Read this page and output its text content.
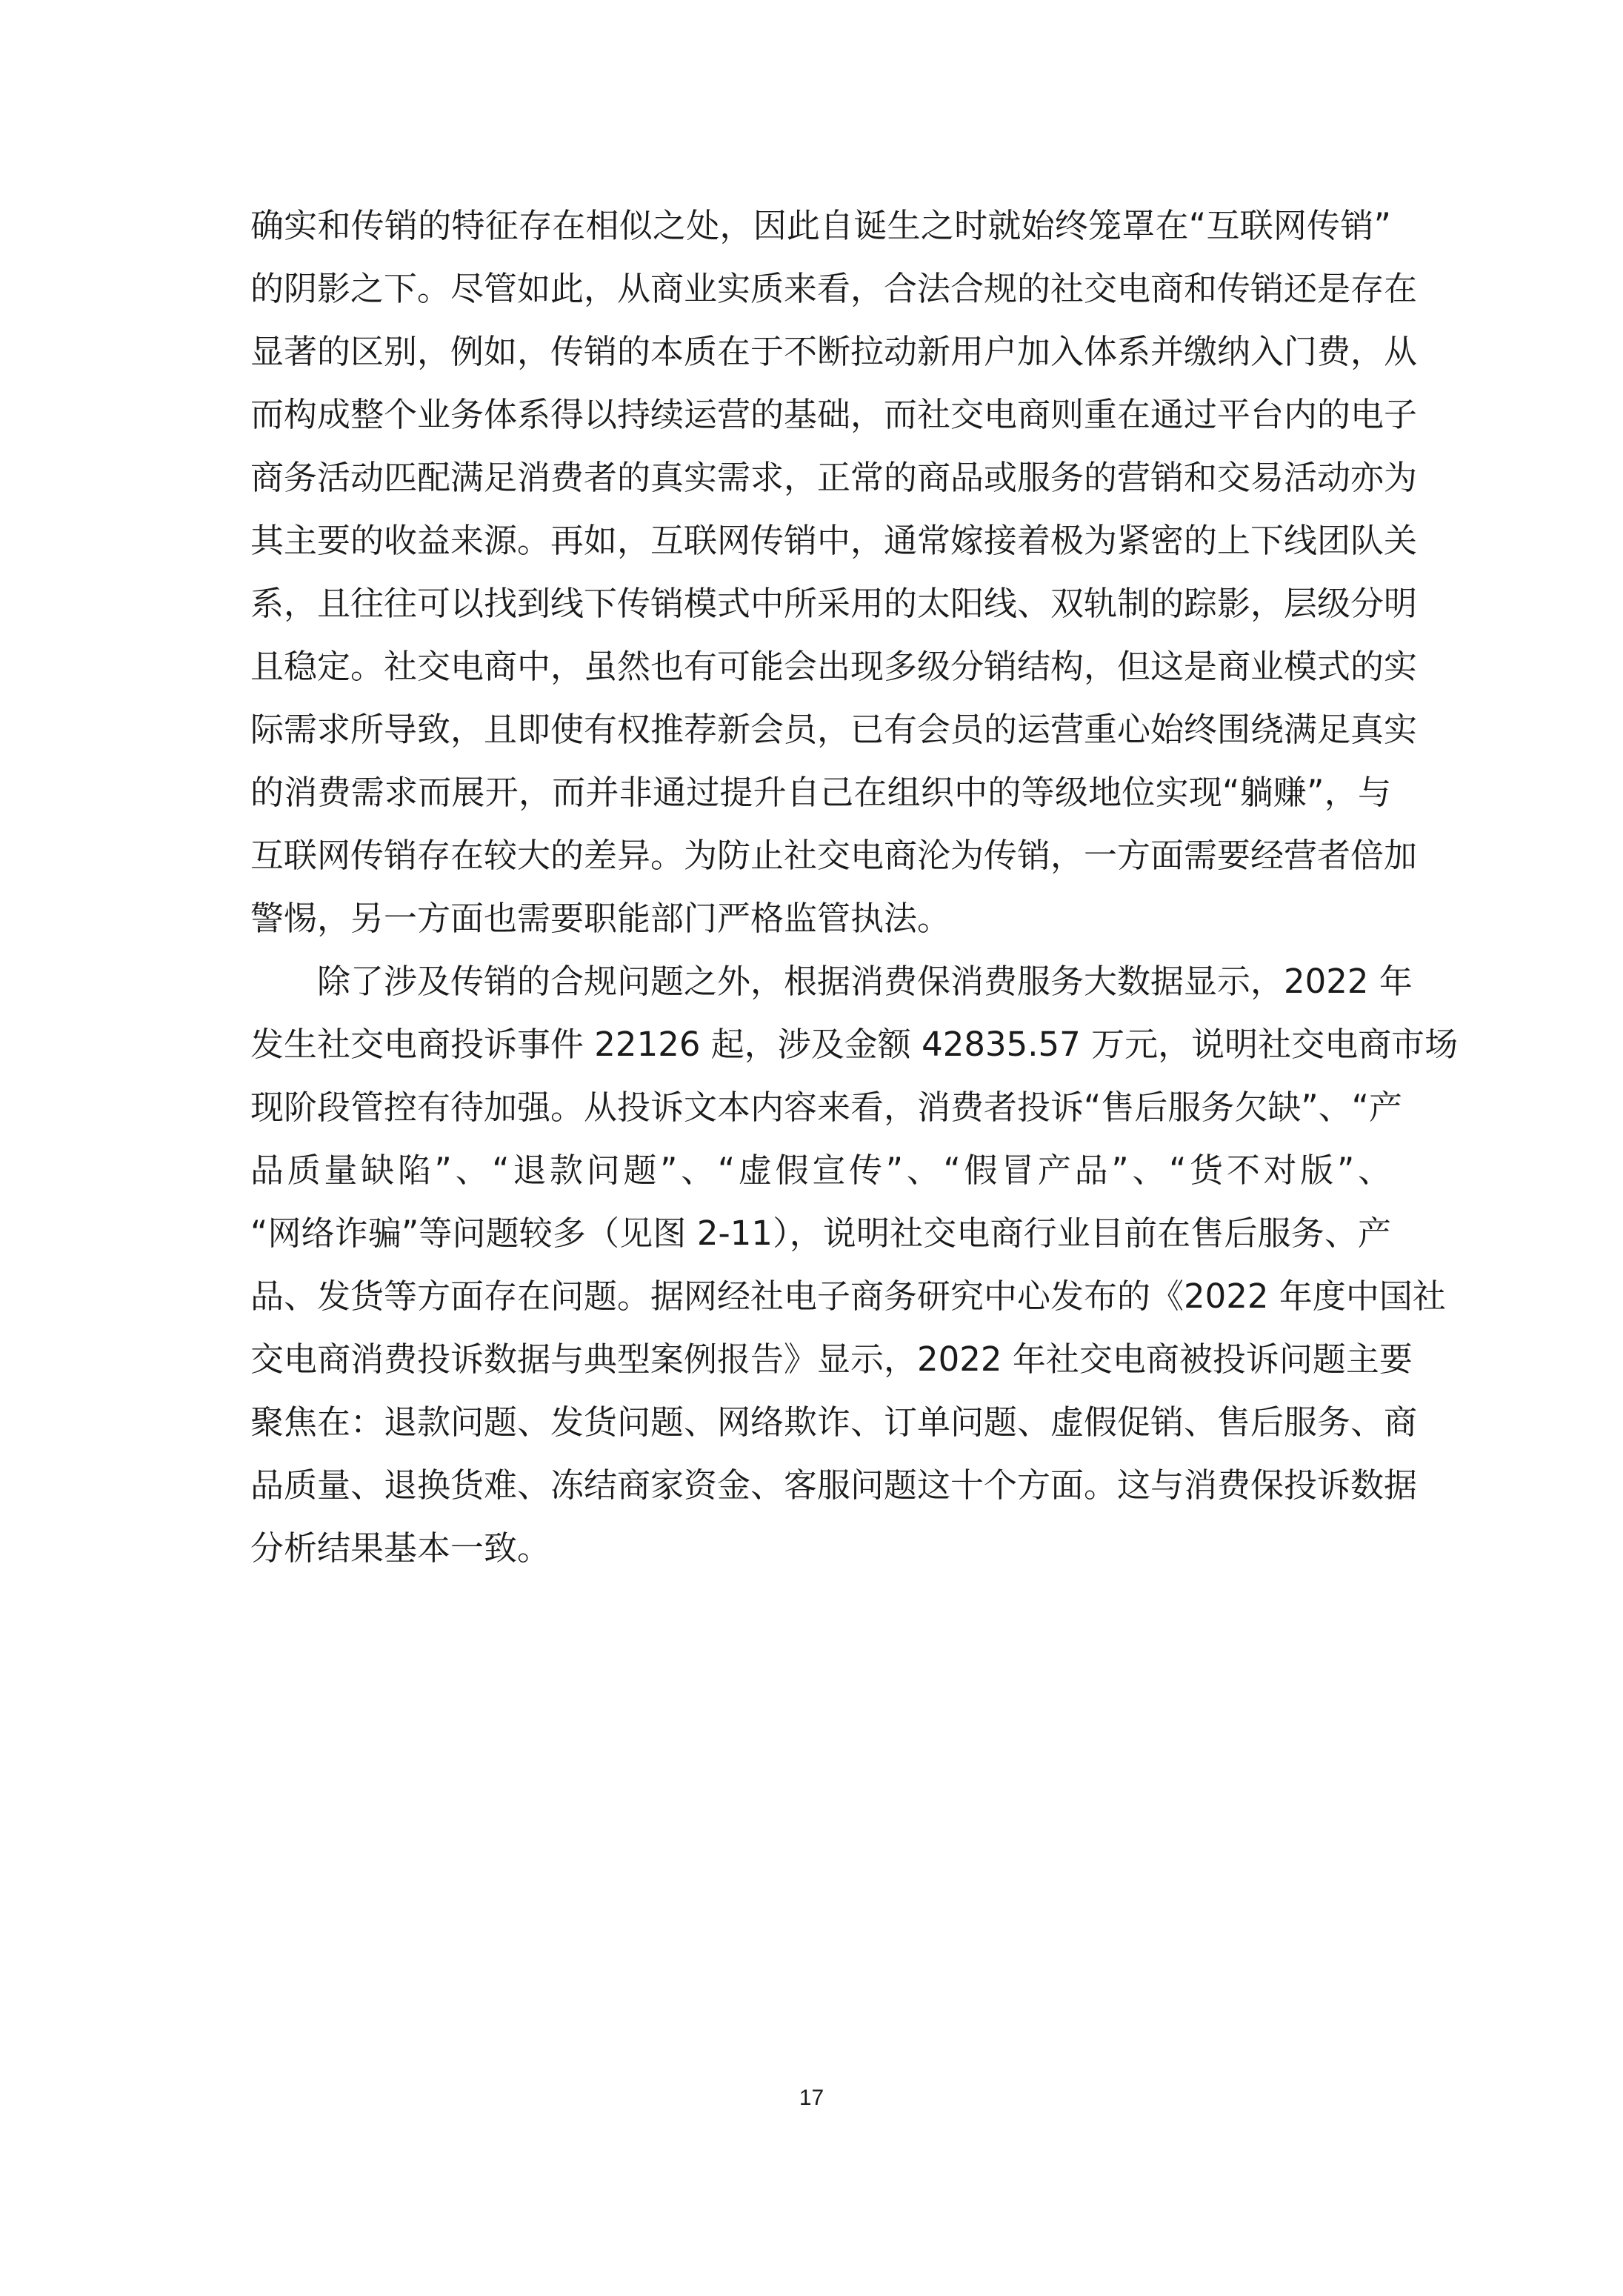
确实和传销的特征存在相似之处，因此自诞生之时就始终笼罩在“互联网传销”
的阴影之下。尽管如此，从商业实质来看，合法合规的社交电商和传销还是存在
显著的区别，例如，传销的本质在于不断拉动新用户加入体系并缴纳入门费，从
而构成整个业务体系得以持续运营的基础，而社交电商则重在通过平台内的电子
商务活动匹配满足消费者的真实需求，正常的商品或服务的营销和交易活动亦为
其主要的收益来源。再如，互联网传销中，通常嫁接着极为紧密的上下线团队关
系，且往往可以找到线下传销模式中所采用的太阳线、双轨制的踪影，层级分明
且稳定。社交电商中，虽然也有可能会出现多级分销结构，但这是商业模式的实
际需求所导致，且即使有权推荐新会员，已有会员的运营重心始终围绕满足真实
的消费需求而展开，而并非通过提升自己在组织中的等级地位实现“躺赚”，与
互联网传销存在较大的差异。为防止社交电商沦为传销，一方面需要经营者倍加
警惕，另一方面也需要职能部门严格监管执法。
除了涉及传销的合规问题之外，根据消费保消费服务大数据显示，2022 年
发生社交电商投诉事件 22126 起，涉及金额 42835.57 万元，说明社交电商市场
现阶段管控有待加强。从投诉文本内容来看，消费者投诉“售后服务欠缺”、“产
品质量缺陷”、“退款问题”、“虚假宣传”、“假冒产品”、“货不对版”、
“网络诈骗”等问题较多（见图 2-11），说明社交电商行业目前在售后服务、产
品、发货等方面存在问题。据网经社电子商务研究中心发布的《2022 年度中国社
交电商消费投诉数据与典型案例报告》显示，2022 年社交电商被投诉问题主要
聚焦在：退款问题、发货问题、网络欺诈、订单问题、虚假促销、售后服务、商
品质量、退换货难、冻结商家资金、客服问题这十个方面。这与消费保投诉数据
分析结果基本一致。
17
